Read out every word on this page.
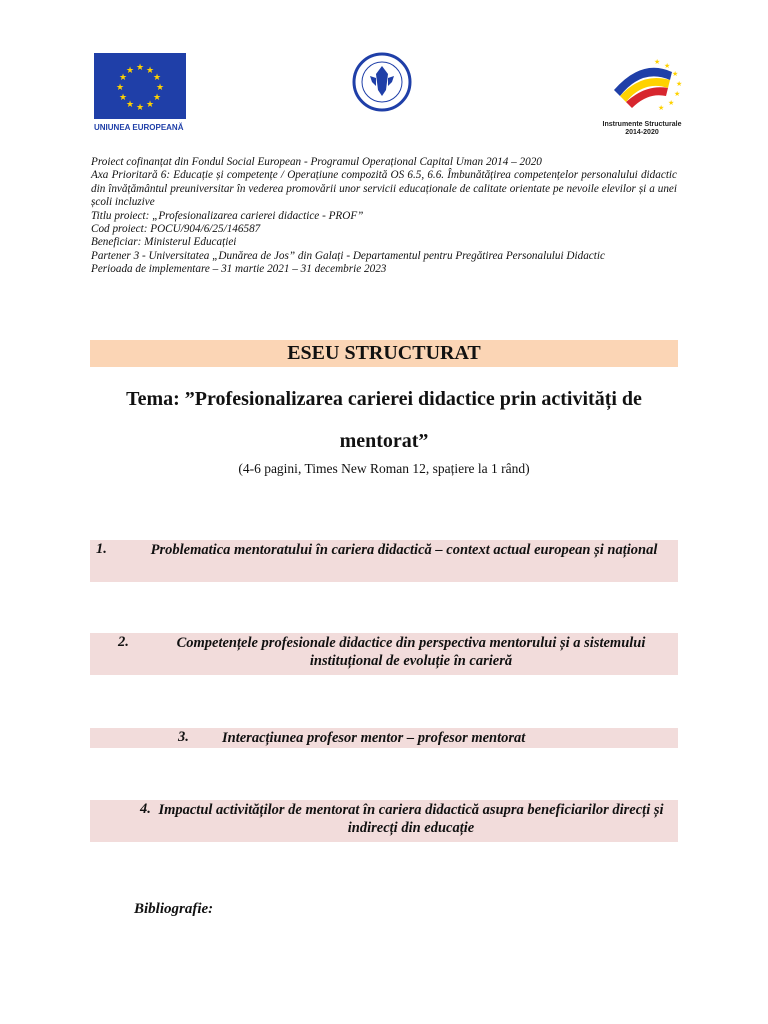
★ ★
★
★
★
★
★
★
★
★
★
★
UNIUNEA EUROPEANĂ
★ ★
★
★
★
★
★
Instrumente Structurale
2014-2020

Proiect cofinanțat din Fondul Social European - Programul Operațional Capital Uman 2014 – 2020

Axa Prioritară 6: Educație și competențe / Operațiune compozită OS 6.5, 6.6. Îmbunătățirea competențelor personalului didactic din învățământul preuniversitar în vederea promovării unor servicii educaționale de calitate orientate pe nevoile elevilor și a unei școli incluzive

Titlu proiect: „Profesionalizarea carierei didactice - PROF”

Cod proiect: POCU/904/6/25/146587

Beneficiar: Ministerul Educației

Partener 3 - Universitatea „Dunărea de Jos” din Galați - Departamentul pentru Pregătirea Personalului Didactic

Perioada de implementare – 31 martie 2021 – 31 decembrie 2023

ESEU STRUCTURAT
Tema: ”Profesionalizarea carierei didactice prin activități de mentorat”
(4-6 pagini, Times New Roman 12, spațiere la 1 rând)
1.	Problematica mentoratului în cariera didactică – context actual european și național
2.	Competențele profesionale didactice din perspectiva mentorului și a sistemului instituțional de evoluție în carieră
3.	Interacțiunea profesor mentor – profesor mentorat
4. Impactul activităților de mentorat în cariera didactică asupra beneficiarilor direcți și indirecți din educație
Bibliografie:
